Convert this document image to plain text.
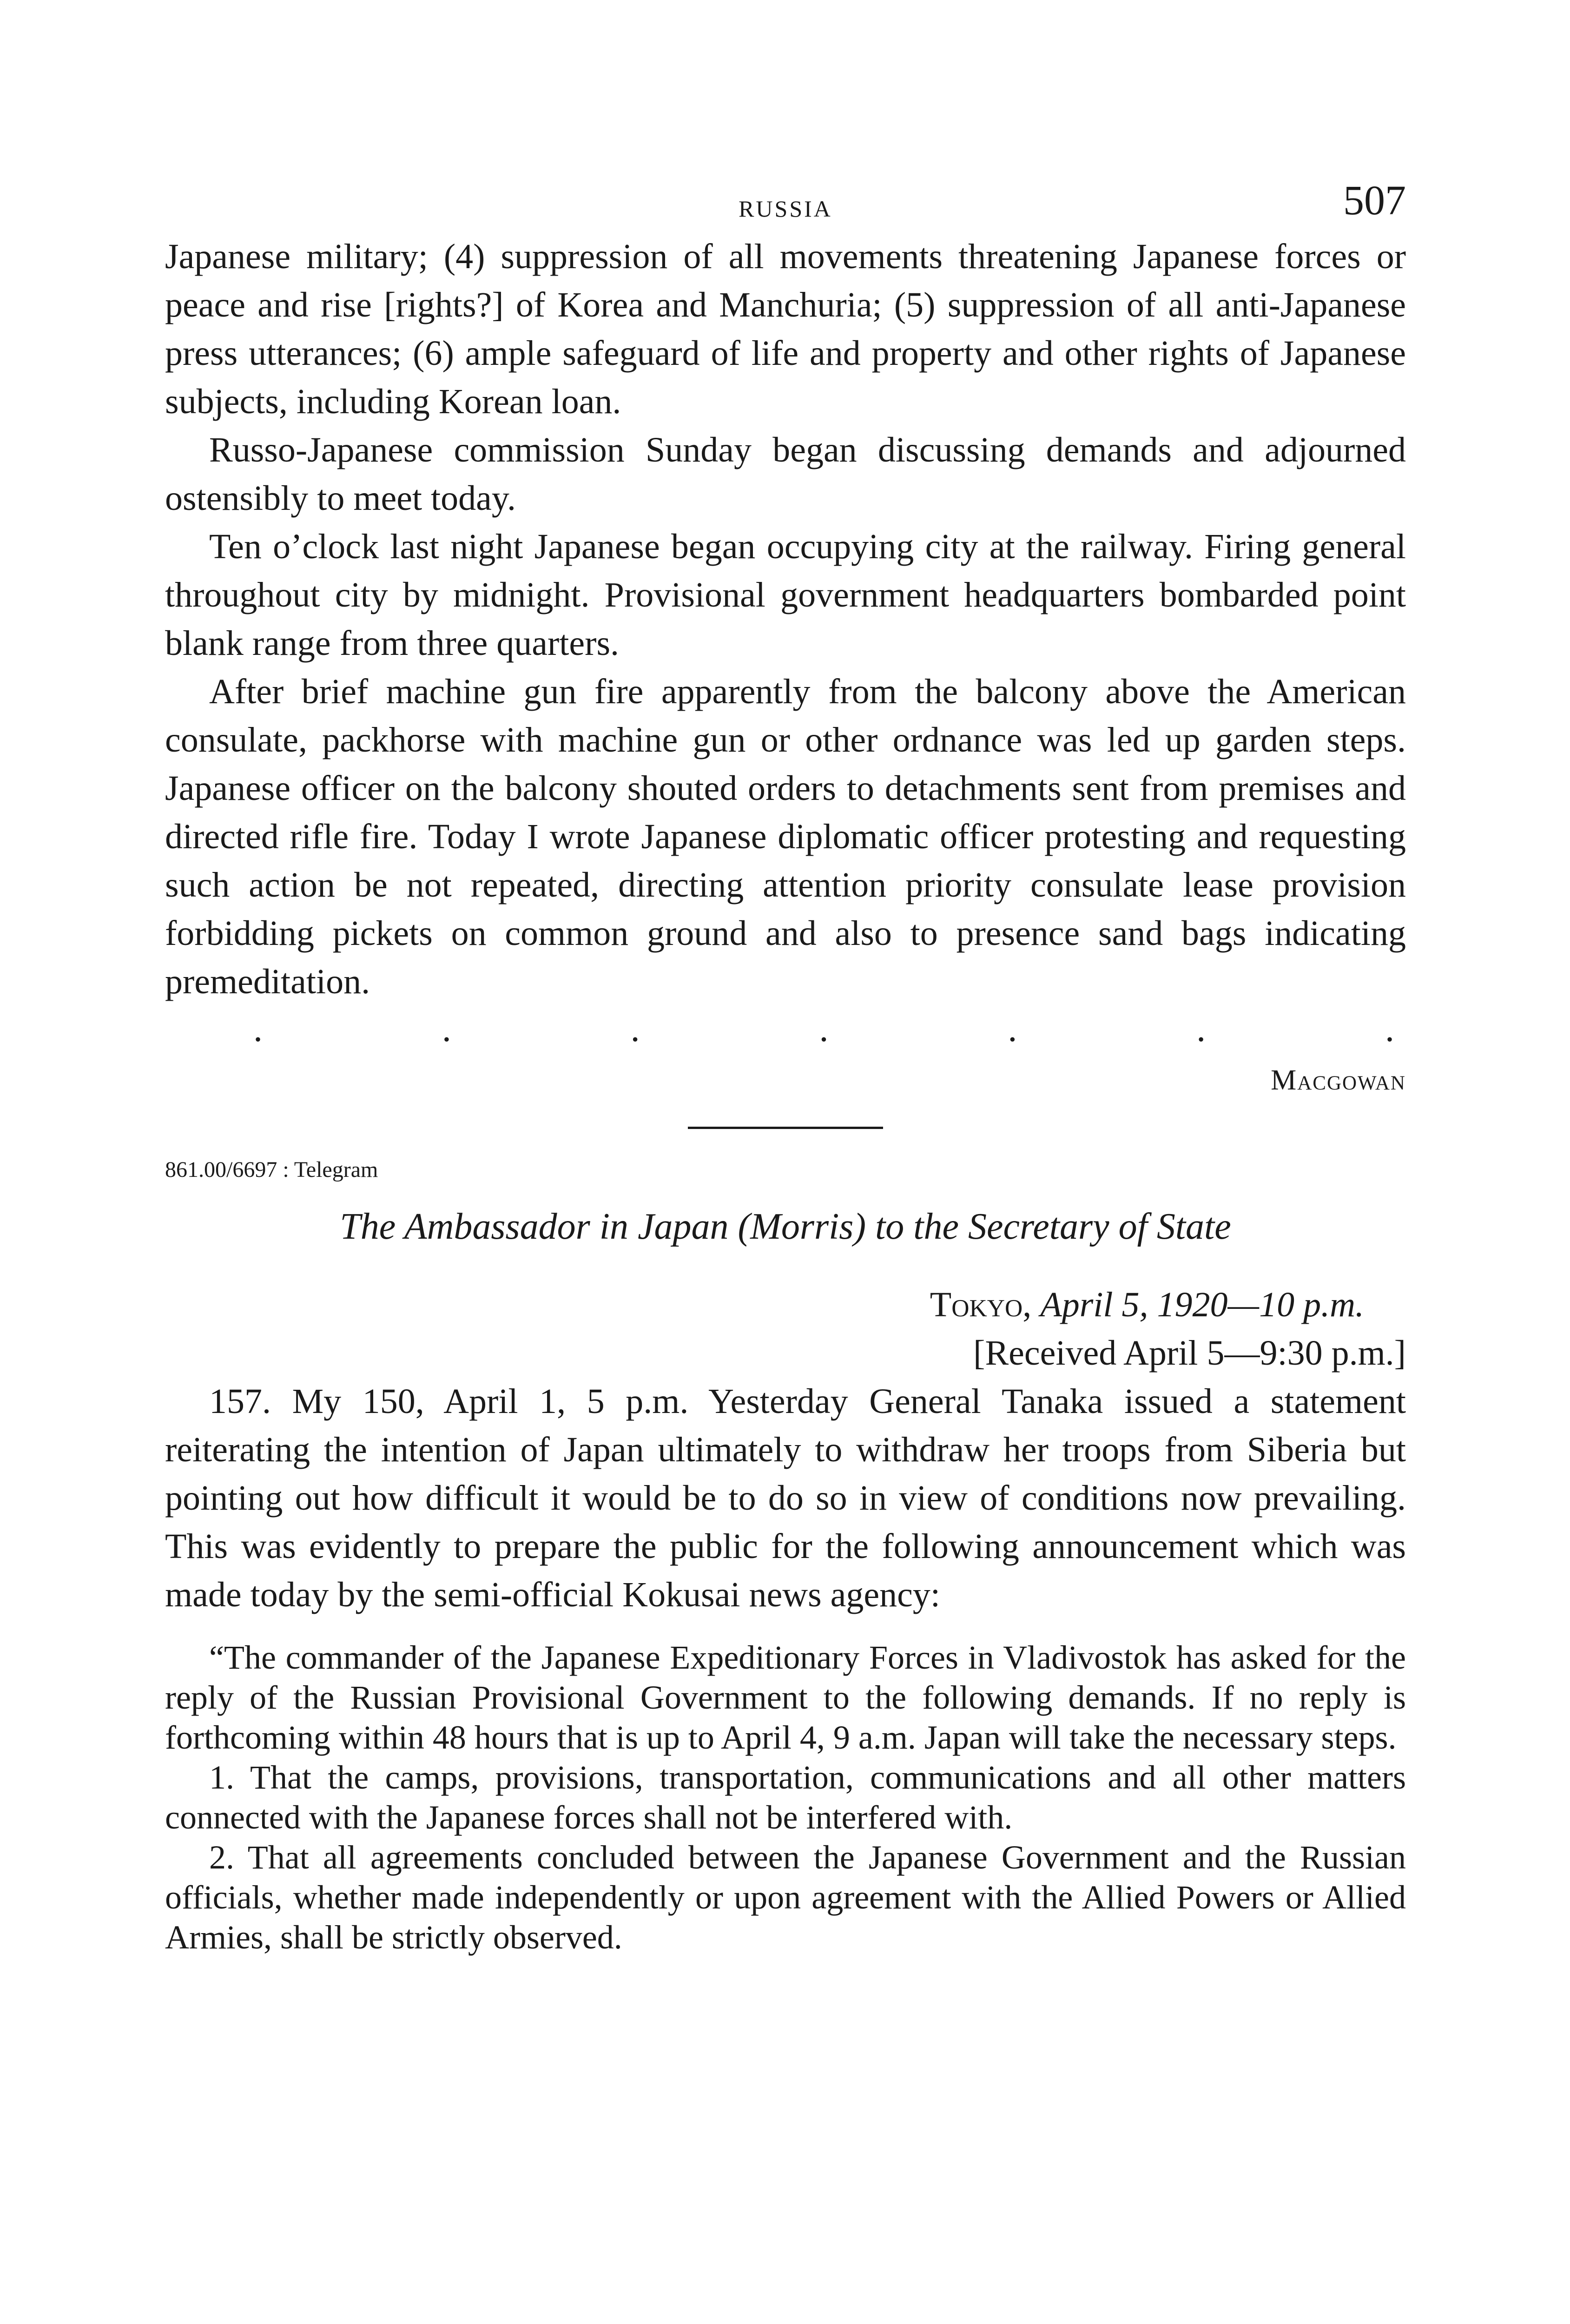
RUSSIA	507

Japanese military; (4) suppression of all movements threatening Japanese forces or peace and rise [rights?] of Korea and Manchuria; (5) suppression of all anti-Japanese press utterances; (6) ample safeguard of life and property and other rights of Japanese subjects, including Korean loan.

Russo-Japanese commission Sunday began discussing demands and adjourned ostensibly to meet today.

Ten o’clock last night Japanese began occupying city at the railway. Firing general throughout city by midnight. Provisional government headquarters bombarded point blank range from three quarters.

After brief machine gun fire apparently from the balcony above the American consulate, packhorse with machine gun or other ordnance was led up garden steps. Japanese officer on the balcony shouted orders to detachments sent from premises and directed rifle fire. Today I wrote Japanese diplomatic officer protesting and requesting such action be not repeated, directing attention priority consulate lease provision forbidding pickets on common ground and also to presence sand bags indicating premeditation.

.	.	.	.	.	.	.
Macgowan
861.00/6697 : Telegram
The Ambassador in Japan (Morris) to the Secretary of State
Tokyo, April 5, 1920—10 p.m.
[Received April 5—9:30 p.m.]

157. My 150, April 1, 5 p.m. Yesterday General Tanaka issued a statement reiterating the intention of Japan ultimately to withdraw her troops from Siberia but pointing out how difficult it would be to do so in view of conditions now prevailing. This was evidently to prepare the public for the following announcement which was made today by the semi-official Kokusai news agency:

“The commander of the Japanese Expeditionary Forces in Vladivostok has asked for the reply of the Russian Provisional Government to the following demands. If no reply is forthcoming within 48 hours that is up to April 4, 9 a.m. Japan will take the necessary steps.

1. That the camps, provisions, transportation, communications and all other matters connected with the Japanese forces shall not be interfered with.

2. That all agreements concluded between the Japanese Government and the Russian officials, whether made independently or upon agreement with the Allied Powers or Allied Armies, shall be strictly observed.
